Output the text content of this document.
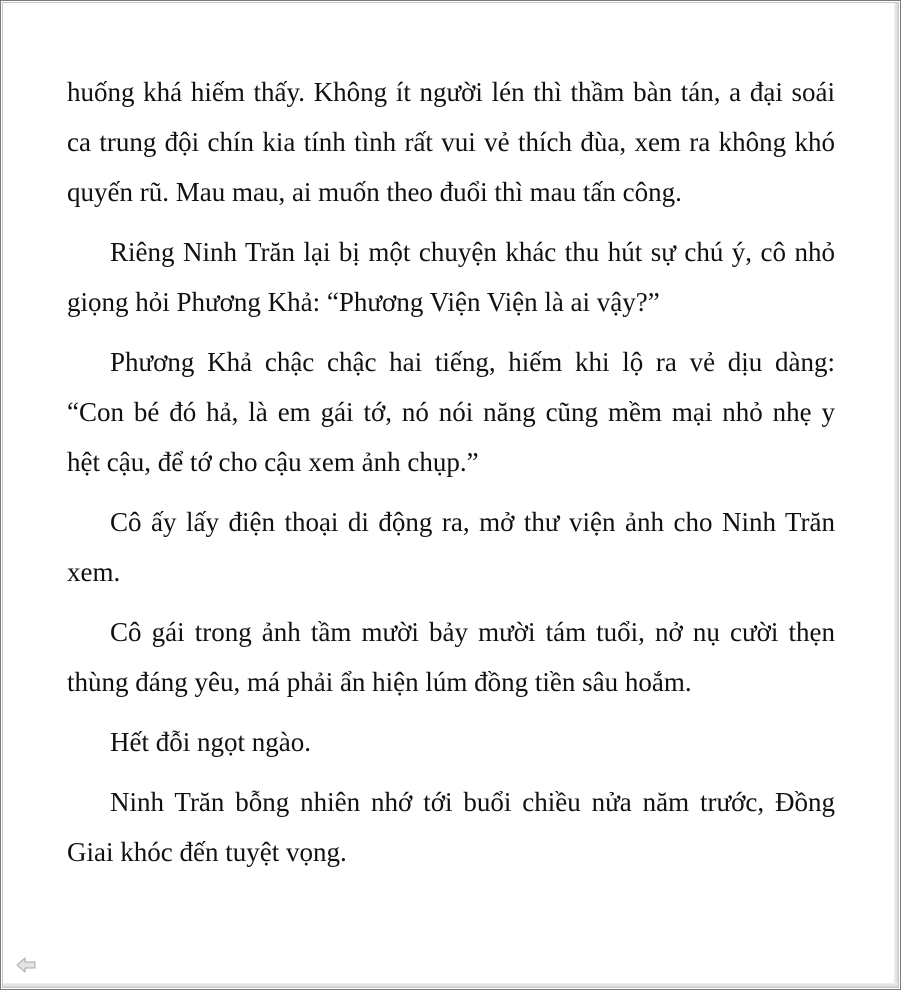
huống khá hiếm thấy. Không ít người lén thì thầm bàn tán, a đại soái
ca trung đội chín kia tính tình rất vui vẻ thích đùa, xem ra không khó
quyến rũ. Mau mau, ai muốn theo đuổi thì mau tấn công.
Riêng Ninh Trăn lại bị một chuyện khác thu hút sự chú ý, cô nhỏ
giọng hỏi Phương Khả: “Phương Viện Viện là ai vậy?”
Phương Khả chậc chậc hai tiếng, hiếm khi lộ ra vẻ dịu dàng:
“Con bé đó hả, là em gái tớ, nó nói năng cũng mềm mại nhỏ nhẹ y
hệt cậu, để tớ cho cậu xem ảnh chụp.”
Cô ấy lấy điện thoại di động ra, mở thư viện ảnh cho Ninh Trăn
xem.
Cô gái trong ảnh tầm mười bảy mười tám tuổi, nở nụ cười thẹn
thùng đáng yêu, má phải ẩn hiện lúm đồng tiền sâu hoắm.
Hết đỗi ngọt ngào.
Ninh Trăn bỗng nhiên nhớ tới buổi chiều nửa năm trước, Đồng
Giai khóc đến tuyệt vọng.
